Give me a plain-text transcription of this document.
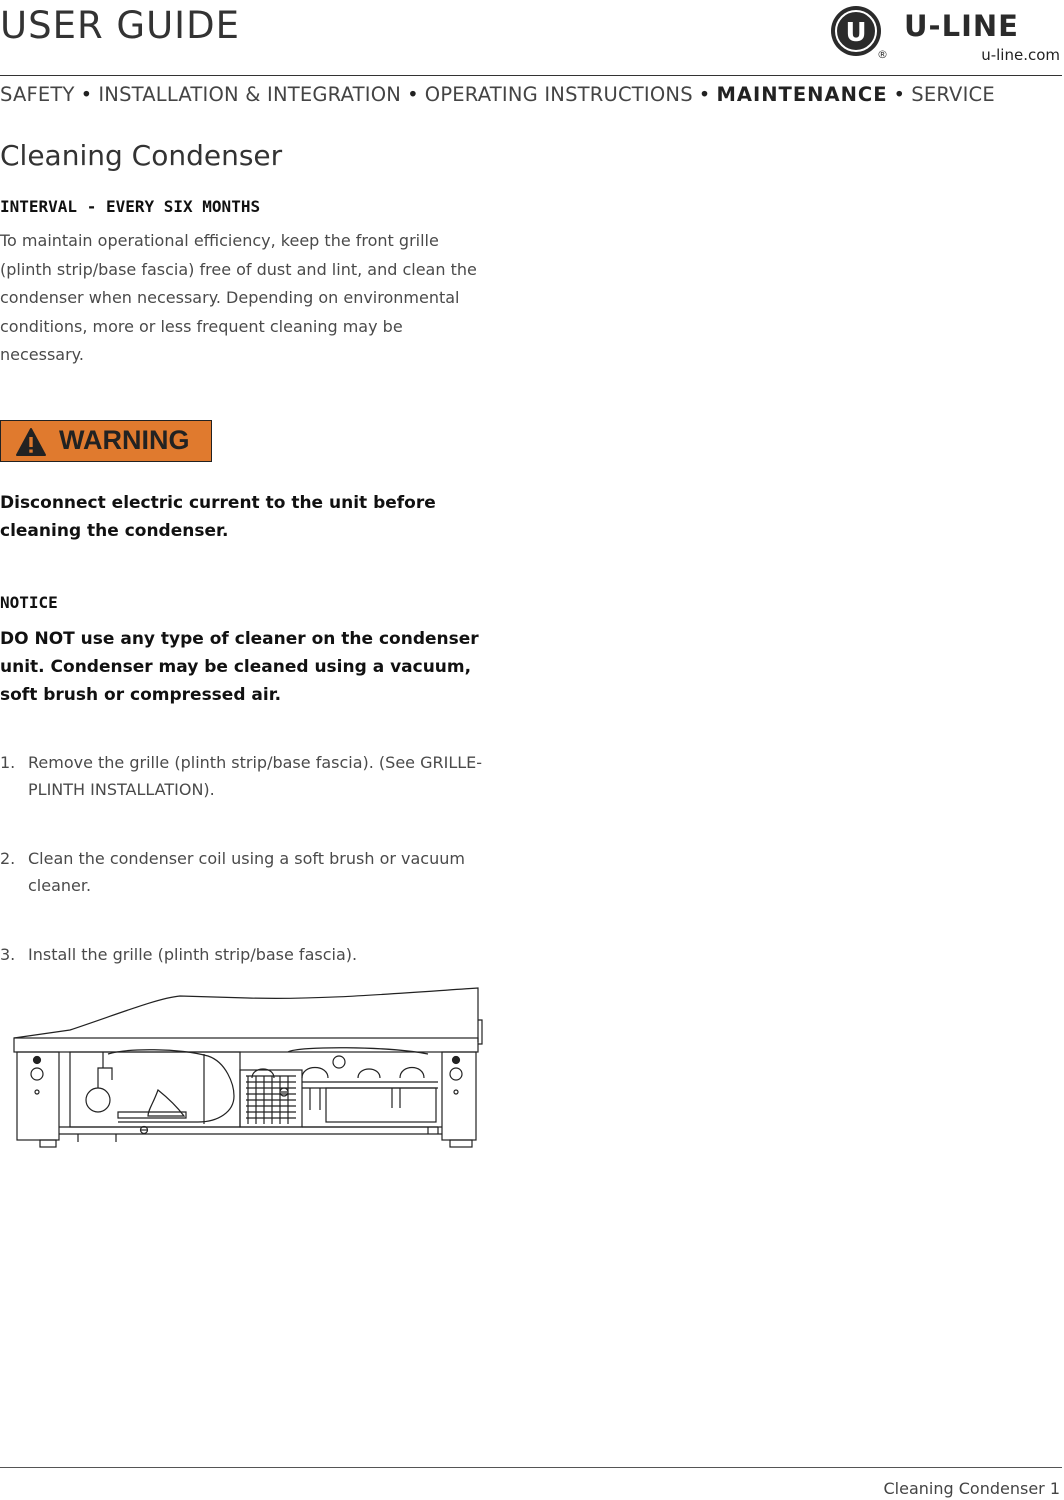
USER GUIDE	U
®
U-LINE
u-line.com
SAFETY • INSTALLATION & INTEGRATION • OPERATING INSTRUCTIONS • MAINTENANCE • SERVICE
Cleaning Condenser
INTERVAL - EVERY SIX MONTHS
To maintain operational efficiency, keep the front grille (plinth strip/base fascia) free of dust and lint, and clean the condenser when necessary. Depending on environmental conditions, more or less frequent cleaning may be necessary.
WARNING
Disconnect electric current to the unit before cleaning the condenser.
NOTICE
DO NOT use any type of cleaner on the condenser unit. Condenser may be cleaned using a vacuum, soft brush or compressed air.
1. Remove the grille (plinth strip/base fascia). (See GRILLE-PLINTH INSTALLATION).
2. Clean the condenser coil using a soft brush or vacuum cleaner.
3. Install the grille (plinth strip/base fascia).
Cleaning Condenser 1
